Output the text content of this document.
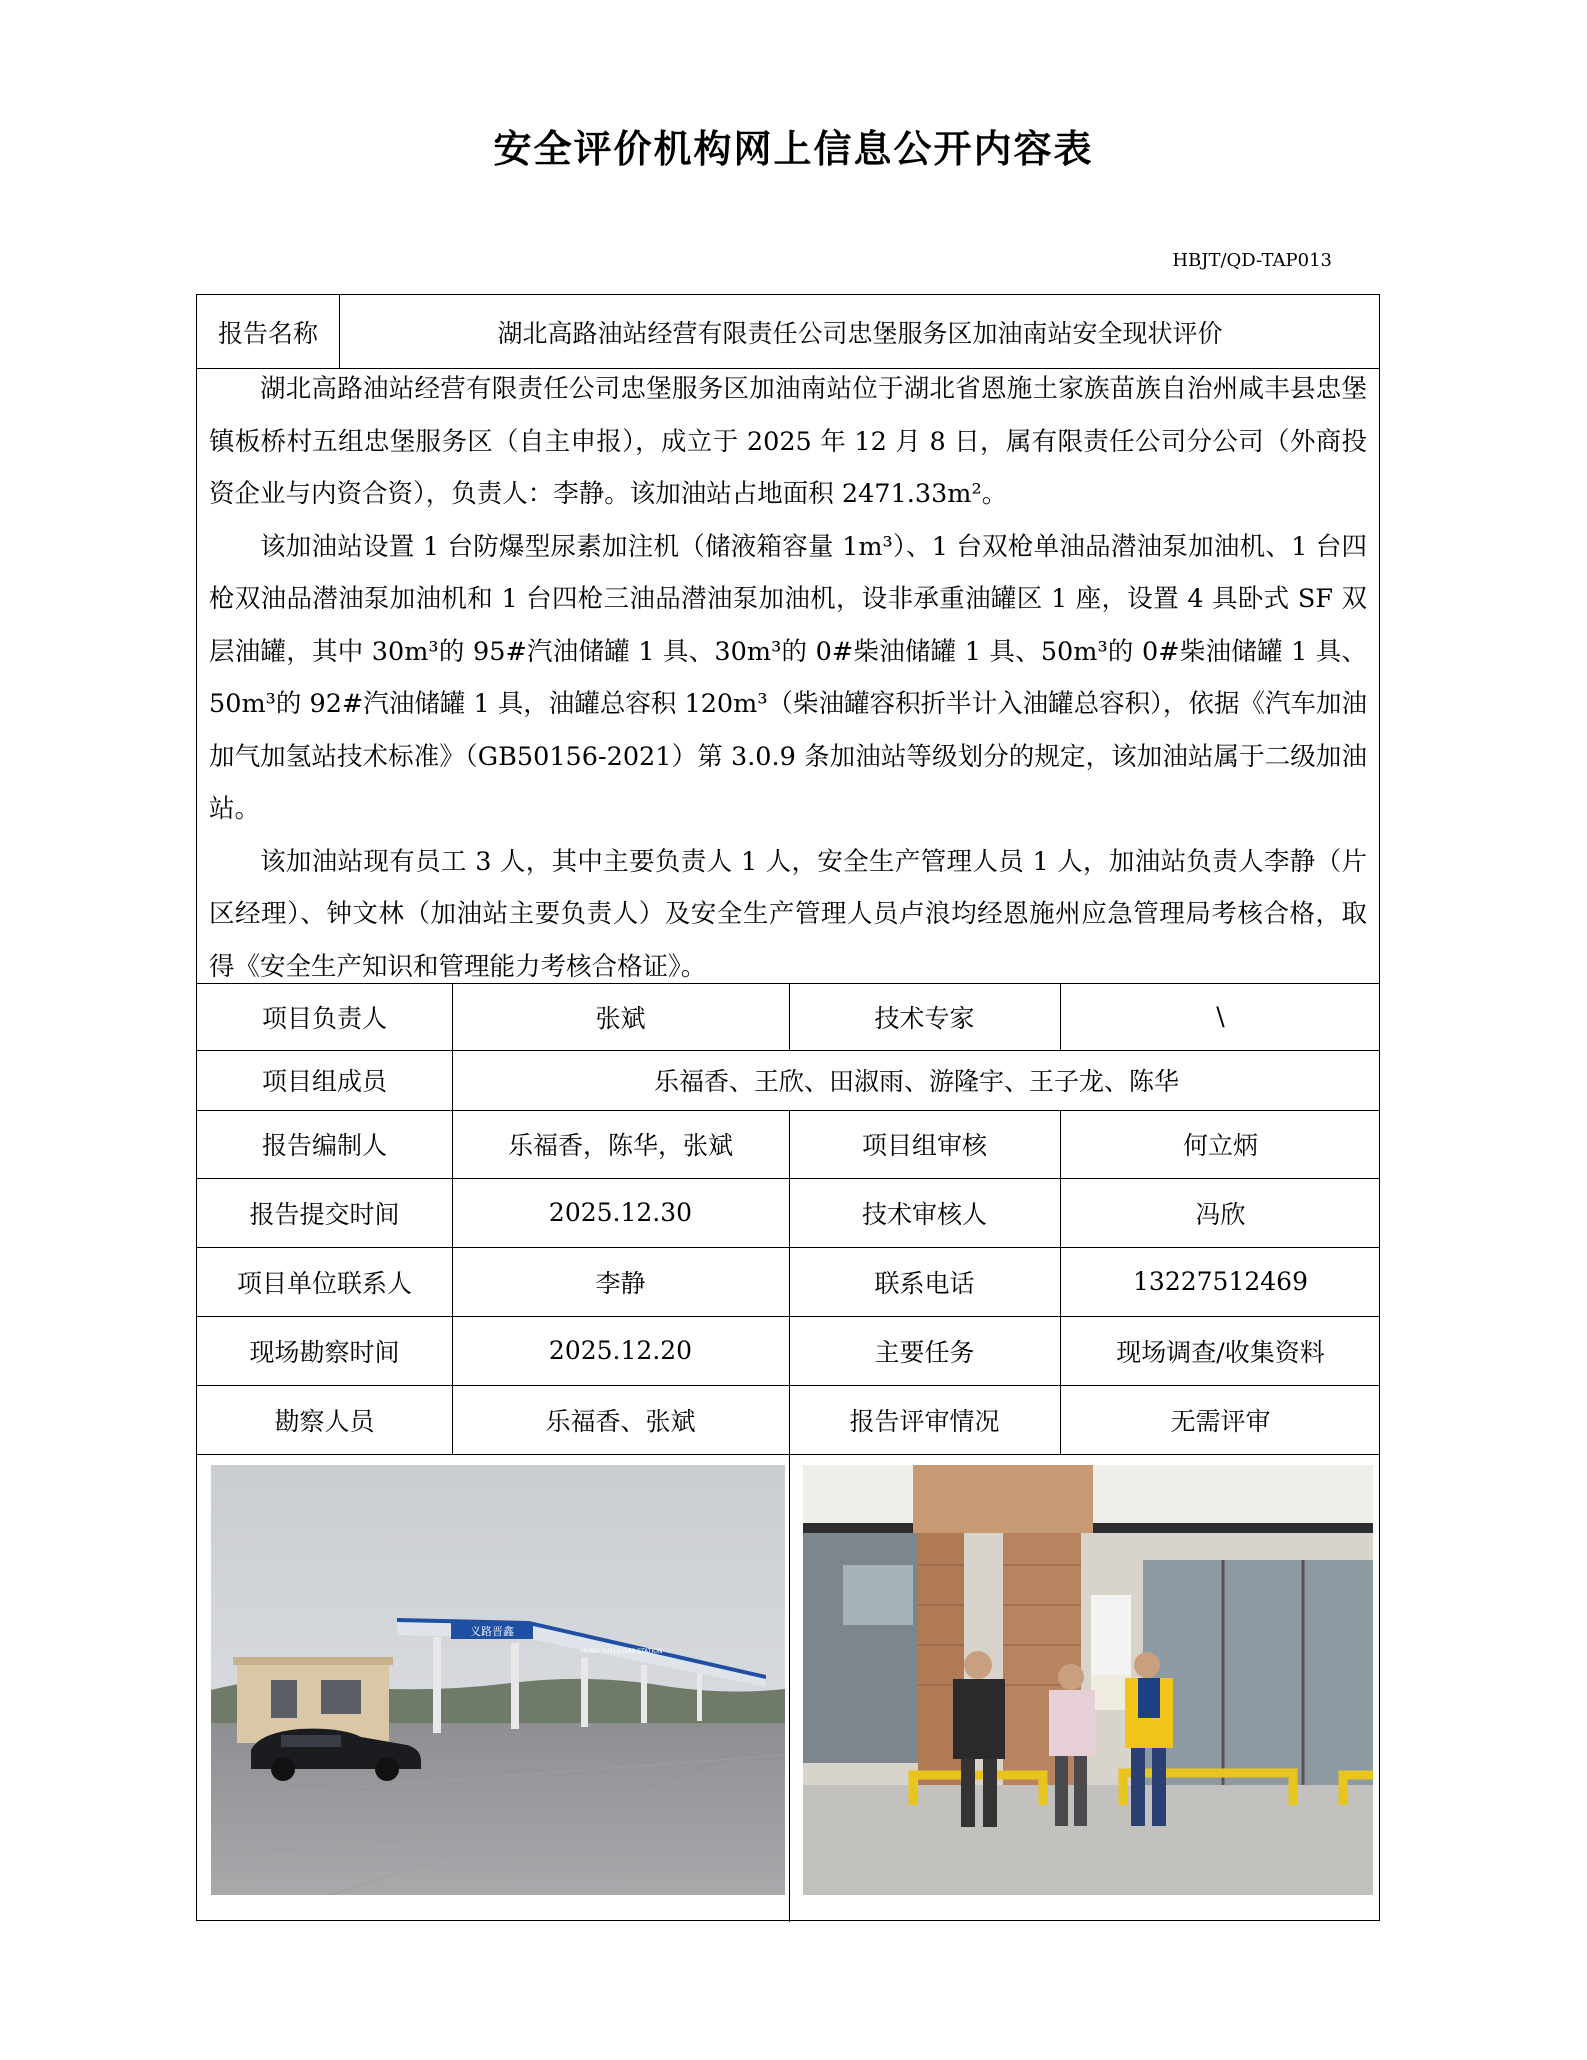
安全评价机构网上信息公开内容表
HBJT/QD-TAP013
报告名称	湖北高路油站经营有限责任公司忠堡服务区加油南站安全现状评价

湖北高路油站经营有限责任公司忠堡服务区加油南站位于湖北省恩施土家族苗族自治州咸丰县忠堡镇板桥村五组忠堡服务区（自主申报），成立于 2025 年 12 月 8 日，属有限责任公司分公司（外商投资企业与内资合资），负责人：李静。该加油站占地面积 2471.33m²。

该加油站设置 1 台防爆型尿素加注机（储液箱容量 1m³）、1 台双枪单油品潜油泵加油机、1 台四枪双油品潜油泵加油机和 1 台四枪三油品潜油泵加油机，设非承重油罐区 1 座，设置 4 具卧式 SF 双层油罐，其中 30m³的 95#汽油储罐 1 具、30m³的 0#柴油储罐 1 具、50m³的 0#柴油储罐 1 具、50m³的 92#汽油储罐 1 具，油罐总容积 120m³（柴油罐容积折半计入油罐总容积），依据《汽车加油加气加氢站技术标准》（GB50156-2021）第 3.0.9 条加油站等级划分的规定，该加油站属于二级加油站。

该加油站现有员工 3 人，其中主要负责人 1 人，安全生产管理人员 1 人，加油站负责人李静（片区经理）、钟文林（加油站主要负责人）及安全生产管理人员卢浪均经恩施州应急管理局考核合格，取得《安全生产知识和管理能力考核合格证》。

项目负责人	张斌	技术专家	\
项目组成员	乐福香、王欣、田淑雨、游隆宇、王子龙、陈华
报告编制人	乐福香，陈华，张斌	项目组审核	何立炳
报告提交时间	2025.12.30	技术审核人	冯欣
项目单位联系人	李静	联系电话	13227512469
现场勘察时间	2025.12.20	主要任务	现场调查/收集资料
勘察人员	乐福香、张斌	报告评审情况	无需评审
义路晋鑫
HUBEI YUELU GAS STATION
